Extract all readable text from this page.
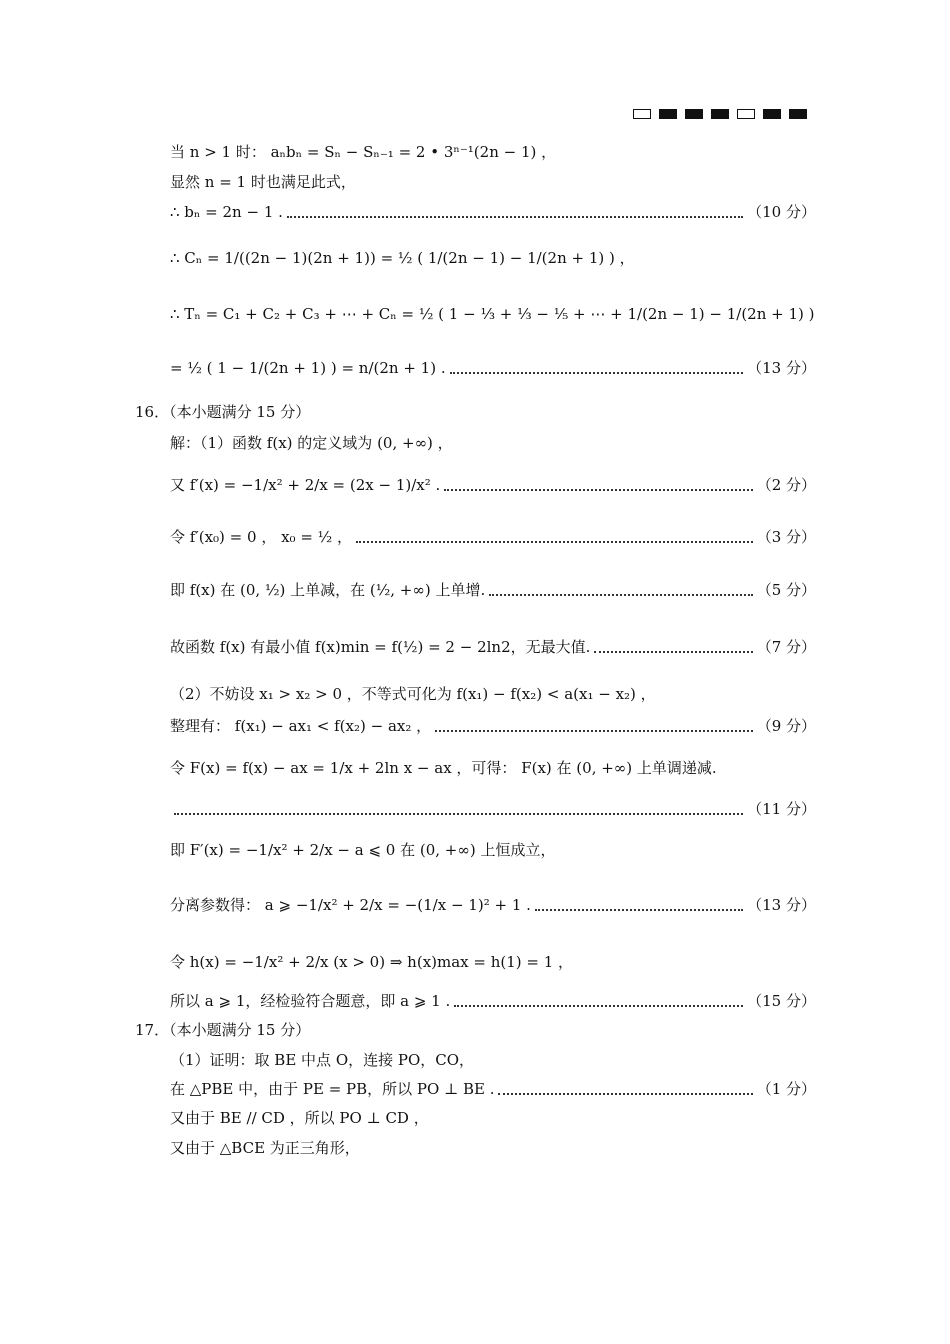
当 n > 1 时： aₙbₙ = Sₙ − Sₙ₋₁ = 2 • 3ⁿ⁻¹(2n − 1) ，
显然 n = 1 时也满足此式，
∴ bₙ = 2n − 1 .	（10 分）
∴ Cₙ = 1/((2n − 1)(2n + 1)) = ½ ( 1/(2n − 1) − 1/(2n + 1) ) ，
∴ Tₙ = C₁ + C₂ + C₃ + ⋯ + Cₙ = ½ ( 1 − ⅓ + ⅓ − ⅕ + ⋯ + 1/(2n − 1) − 1/(2n + 1) )
= ½ ( 1 − 1/(2n + 1) ) = n/(2n + 1) .	（13 分）
16．（本小题满分 15 分）
解：（1）函数 f(x) 的定义域为 (0, +∞) ，
又 f′(x) = −1/x² + 2/x = (2x − 1)/x² .	（2 分）
令 f′(x₀) = 0 ， x₀ = ½ ，	（3 分）
即 f(x) 在 (0, ½) 上单减，在 (½, +∞) 上单增.	（5 分）
故函数 f(x) 有最小值 f(x)min = f(½) = 2 − 2ln2，无最大值.	（7 分）
（2）不妨设 x₁ > x₂ > 0 ，不等式可化为 f(x₁) − f(x₂) < a(x₁ − x₂) ，
整理有： f(x₁) − ax₁ < f(x₂) − ax₂ ，	（9 分）
令 F(x) = f(x) − ax = 1/x + 2ln x − ax ，可得： F(x) 在 (0, +∞) 上单调递减.
（11 分）
即 F′(x) = −1/x² + 2/x − a ⩽ 0 在 (0, +∞) 上恒成立，
分离参数得： a ⩾ −1/x² + 2/x = −(1/x − 1)² + 1 .	（13 分）
令 h(x) = −1/x² + 2/x (x > 0) ⇒ h(x)max = h(1) = 1 ，
所以 a ⩾ 1，经检验符合题意，即 a ⩾ 1 .	（15 分）
17．（本小题满分 15 分）
（1）证明：取 BE 中点 O，连接 PO，CO，
在 △PBE 中，由于 PE = PB，所以 PO ⊥ BE .	（1 分）
又由于 BE // CD ，所以 PO ⊥ CD ，
又由于 △BCE 为正三角形，
